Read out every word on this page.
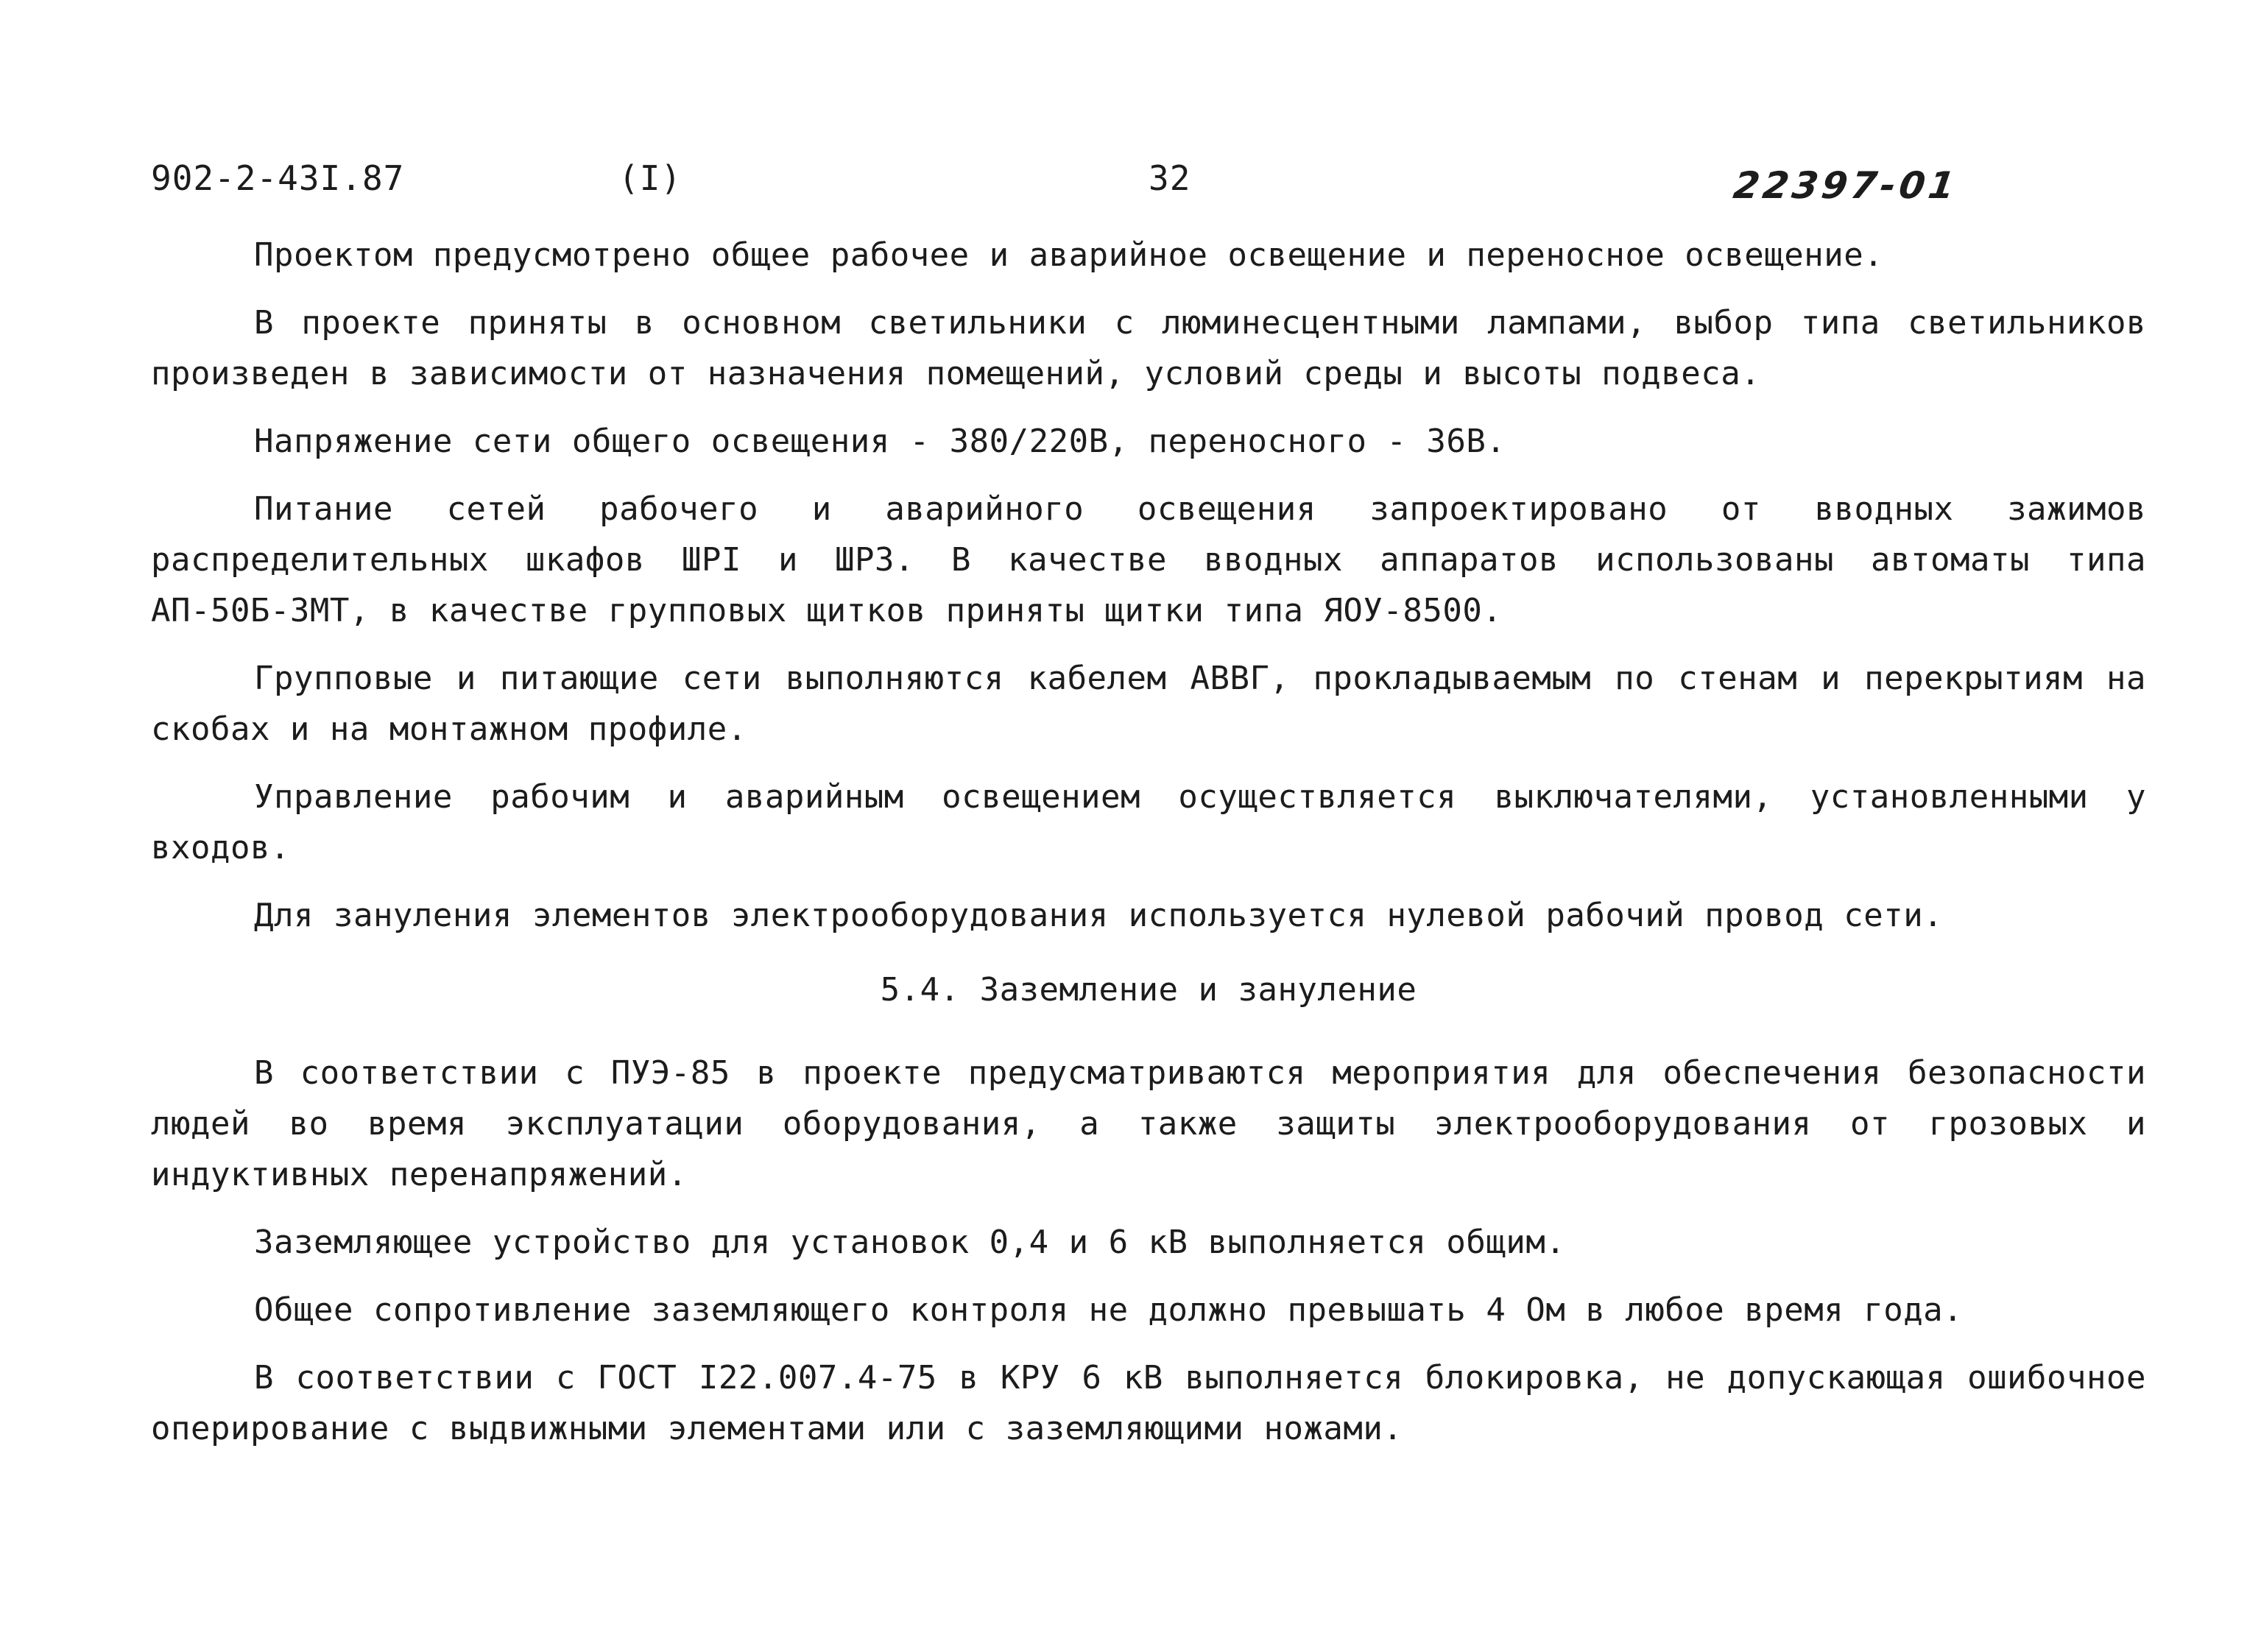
902-2-43I.87	(I)	32	22397-01

Проектом предусмотрено общее рабочее и аварийное освещение и переносное освещение.

В проекте приняты в основном светильники с люминесцентными лампами, выбор типа светильников произведен в зависимости от назначения помещений, условий среды и высоты подвеса.

Напряжение сети общего освещения - 380/220В, переносного - 36В.

Питание сетей рабочего и аварийного освещения запроектировано от вводных зажимов распределительных шкафов ШРI и ШР3. В качестве вводных аппаратов использованы автоматы типа АП-50Б-3МТ, в качестве групповых щитков приняты щитки типа ЯОУ-8500.

Групповые и питающие сети выполняются кабелем АВВГ, прокладываемым по стенам и перекрытиям на скобах и на монтажном профиле.

Управление рабочим и аварийным освещением осуществляется выключателями, установленными у входов.

Для зануления элементов электрооборудования используется нулевой рабочий провод сети.

5.4. Заземление и зануление

В соответствии с ПУЭ-85 в проекте предусматриваются мероприятия для обеспечения безопасности людей во время эксплуатации оборудования, а также защиты электрооборудования от грозовых и индуктивных перенапряжений.

Заземляющее устройство для установок 0,4 и 6 кВ выполняется общим.

Общее сопротивление заземляющего контроля не должно превышать 4 Ом в любое время года.

В соответствии с ГОСТ I22.007.4-75 в КРУ 6 кВ выполняется блокировка, не допускающая ошибочное оперирование с выдвижными элементами или с заземляющими ножами.
